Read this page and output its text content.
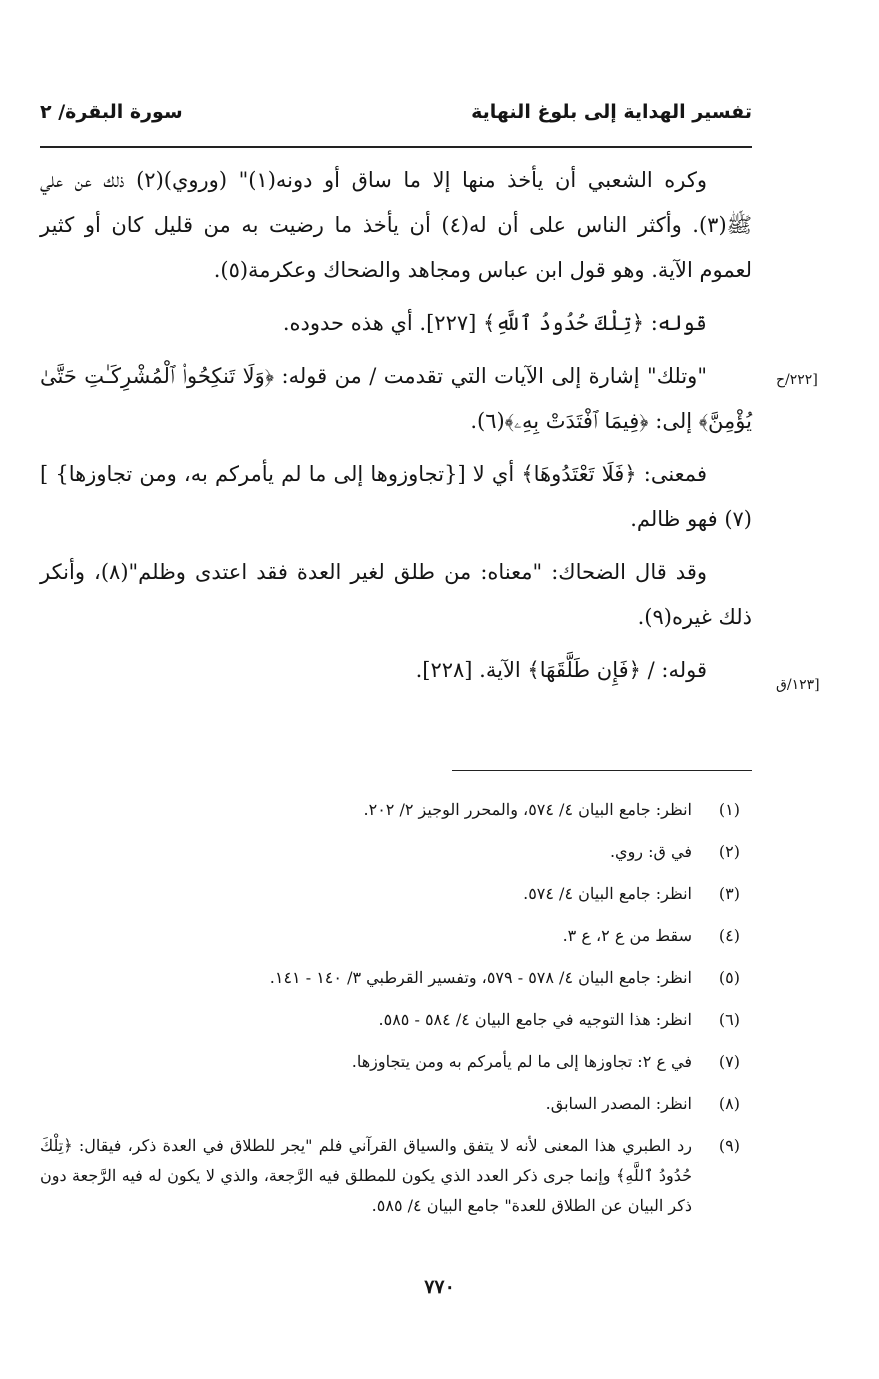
تفسير الهداية إلى بلوغ النهاية
سورة البقرة/ ٢
[٢٢٢/ح
[١٢٣/ق

وكره الشعبي أن يأخذ منها إلا ما ساق أو دونه(١)" (وروي)(٢) ذلك عن علي ﷺ(٣). وأكثر الناس على أن له(٤) أن يأخذ ما رضيت به من قليل كان أو كثير لعموم الآية. وهو قول ابن عباس ومجاهد والضحاك وعكرمة(٥).

قوله: ﴿تِلْكَ حُدُودُ ٱللَّهِ﴾ [٢٢٧]. أي هذه حدوده.

"وتلك" إشارة إلى الآيات التي تقدمت / من قوله: ﴿وَلَا تَنكِحُوا۟ ٱلْمُشْرِكَـٰتِ حَتَّىٰ يُؤْمِنَّ﴾ إلى: ﴿فِيمَا ٱفْتَدَتْ بِهِۦ﴾(٦).

فمعنى: ﴿فَلَا تَعْتَدُوهَا﴾ أي لا [{تجاوزوها إلى ما لم يأمركم به، ومن تجاوزها} ](٧) فهو ظالم.

وقد قال الضحاك: "معناه: من طلق لغير العدة فقد اعتدى وظلم"(٨)، وأنكر ذلك غيره(٩).

قوله: / ﴿فَإِن طَلَّقَهَا﴾ الآية. [٢٢٨].

(١)
انظر: جامع البيان ٤/ ٥٧٤، والمحرر الوجيز ٢/ ٢٠٢.
(٢)
في ق: روي.
(٣)
انظر: جامع البيان ٤/ ٥٧٤.
(٤)
سقط من ع ٢، ع ٣.
(٥)
انظر: جامع البيان ٤/ ٥٧٨ - ٥٧٩، وتفسير القرطبي ٣/ ١٤٠ - ١٤١.
(٦)
انظر: هذا التوجيه في جامع البيان ٤/ ٥٨٤ - ٥٨٥.
(٧)
في ع ٢: تجاوزها إلى ما لم يأمركم به ومن يتجاوزها.
(٨)
انظر: المصدر السابق.
(٩)
رد الطبري هذا المعنى لأنه لا يتفق والسياق القرآني فلم "يجر للطلاق في العدة ذكر، فيقال: ﴿تِلْكَ حُدُودُ ٱللَّهِ﴾ وإنما جرى ذكر العدد الذي يكون للمطلق فيه الرَّجعة، والذي لا يكون له فيه الرَّجعة دون ذكر البيان عن الطلاق للعدة" جامع البيان ٤/ ٥٨٥.
٧٧٠
